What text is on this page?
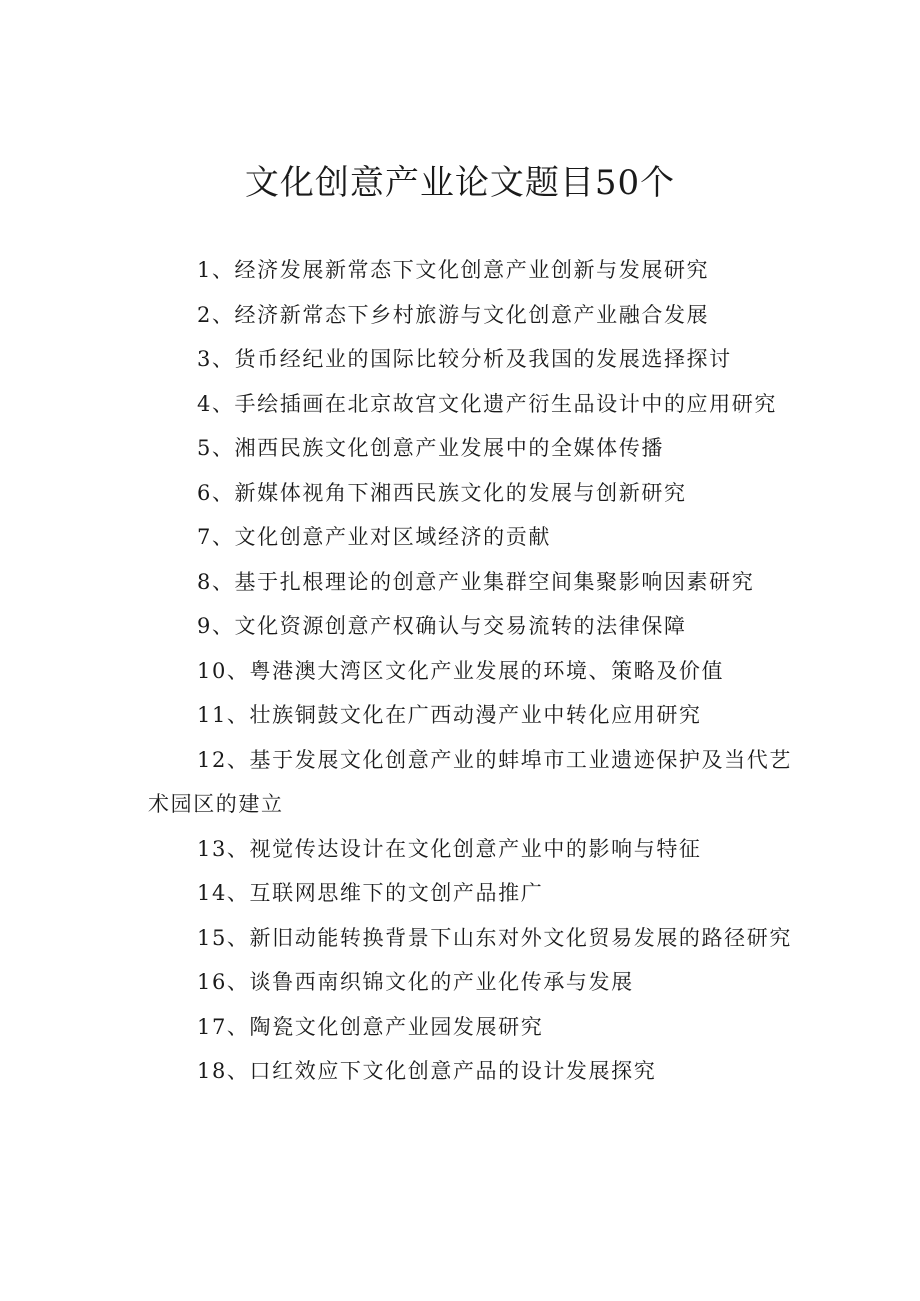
文化创意产业论文题目50个
1、经济发展新常态下文化创意产业创新与发展研究
2、经济新常态下乡村旅游与文化创意产业融合发展
3、货币经纪业的国际比较分析及我国的发展选择探讨
4、手绘插画在北京故宫文化遗产衍生品设计中的应用研究
5、湘西民族文化创意产业发展中的全媒体传播
6、新媒体视角下湘西民族文化的发展与创新研究
7、文化创意产业对区域经济的贡献
8、基于扎根理论的创意产业集群空间集聚影响因素研究
9、文化资源创意产权确认与交易流转的法律保障
10、粤港澳大湾区文化产业发展的环境、策略及价值
11、壮族铜鼓文化在广西动漫产业中转化应用研究
12、基于发展文化创意产业的蚌埠市工业遗迹保护及当代艺术园区的建立
13、视觉传达设计在文化创意产业中的影响与特征
14、互联网思维下的文创产品推广
15、新旧动能转换背景下山东对外文化贸易发展的路径研究
16、谈鲁西南织锦文化的产业化传承与发展
17、陶瓷文化创意产业园发展研究
18、口红效应下文化创意产品的设计发展探究
